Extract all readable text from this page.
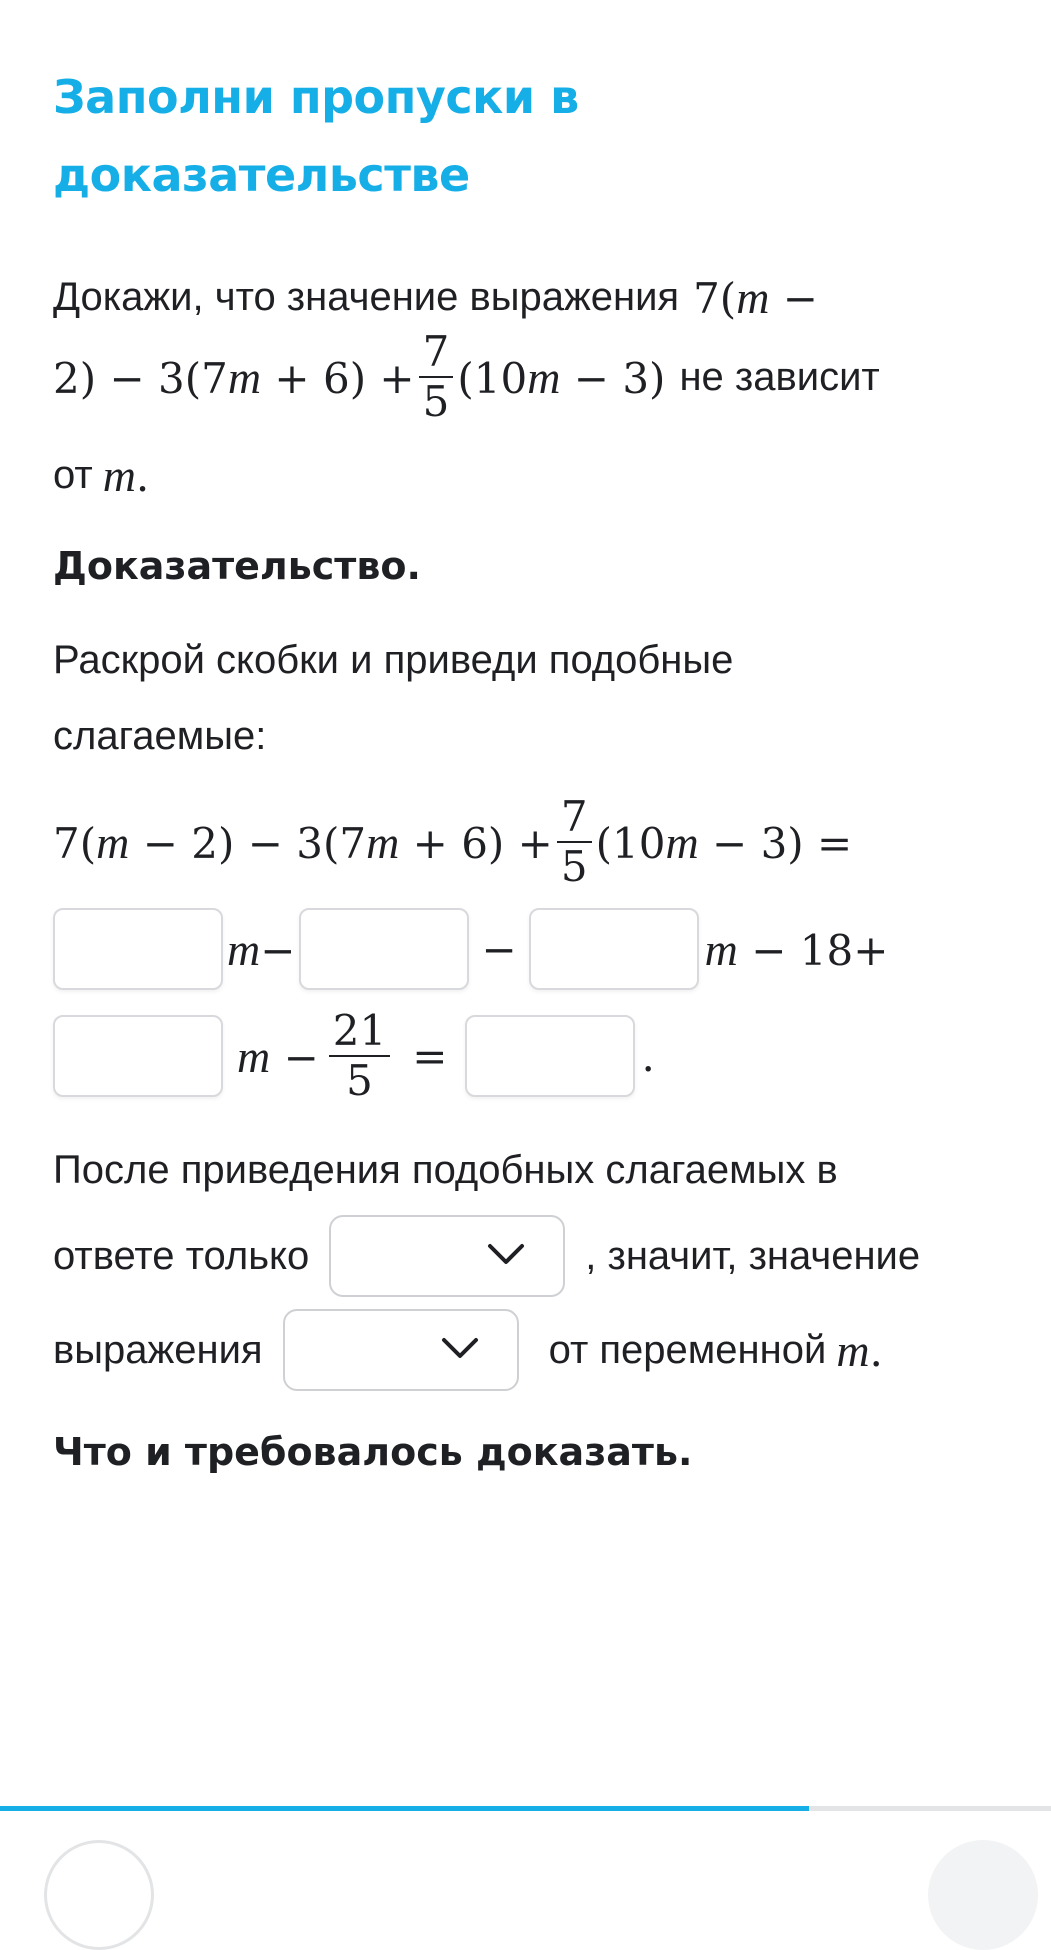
Заполни пропуски в доказательстве
Докажи, что значение выражения 7(m −
$2) - 3(7m + 6) + \frac{7}{5} (10m - 3)$ не зависит
от m.
Доказательство.
Раскрой скобки и приведи подобные
слагаемые:
$7(m - 2) - 3(7m + 6) + \frac{7}{5} (10m - 3)$ =
m−	−	m − 18+
$m - \frac{21}{5}$ =	.
После приведения подобных слагаемых в
ответе только	, значит, значение
выражения	от переменной m.
Что и требовалось доказать.
